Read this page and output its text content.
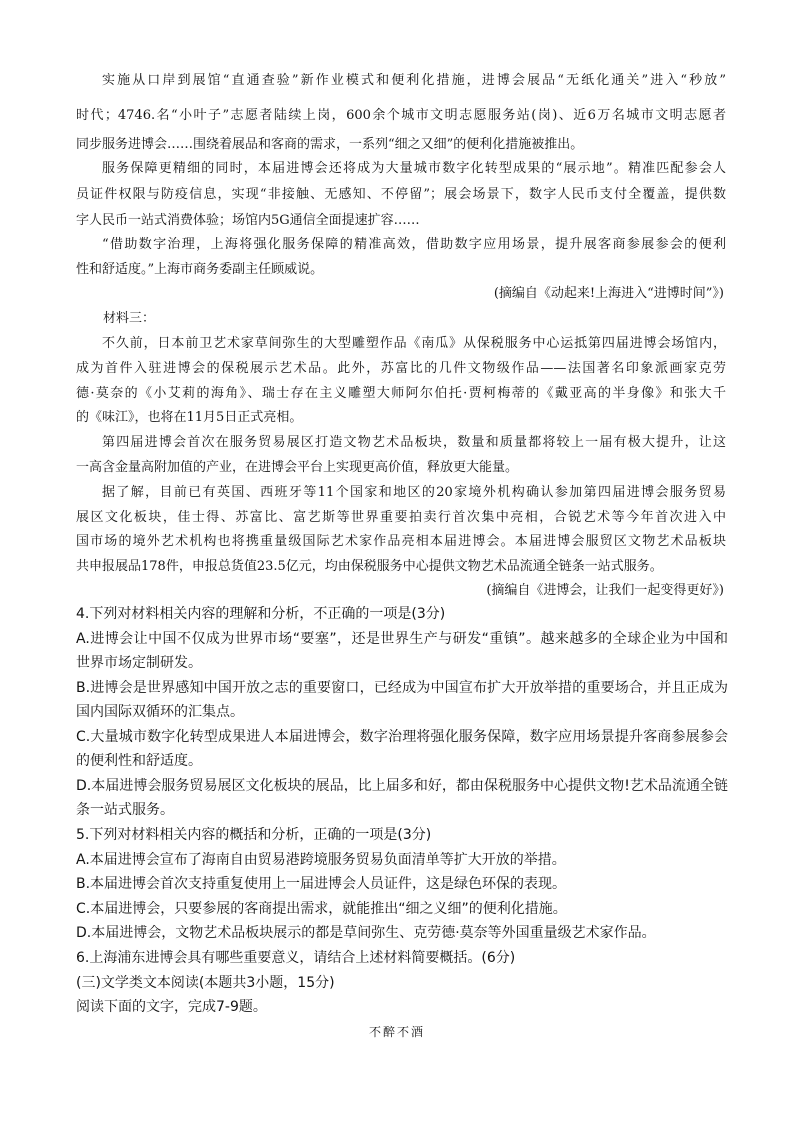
实施从口岸到展馆“直通查验”新作业模式和便利化措施，进博会展品“无纸化通关”进入“秒放”
时代；4746.名“小叶子”志愿者陆续上岗，600余个城市文明志愿服务站(岗)、近6万名城市文明志愿者
同步服务进博会……围绕着展品和客商的需求，一系列“细之又细”的便利化措施被推出。
服务保障更精细的同时，本届进博会还将成为大量城市数字化转型成果的“展示地”。精准匹配参会人
员证件权限与防疫信息，实现“非接触、无感知、不停留”；展会场景下，数字人民币支付全覆盖，提供数
字人民币一站式消费体验；场馆内5G通信全面提速扩容……
“借助数字治理，上海将强化服务保障的精准高效，借助数字应用场景，提升展客商参展参会的便利
性和舒适度。”上海市商务委副主任顾威说。
(摘编自《动起来!上海进入“进博时间”》)
材料三：
不久前，日本前卫艺术家草间弥生的大型雕塑作品《南瓜》从保税服务中心运抵第四届进博会场馆内，
成为首件入驻进博会的保税展示艺术品。此外，苏富比的几件文物级作品——法国著名印象派画家克劳
德·莫奈的《小艾莉的海角》、瑞士存在主义雕塑大师阿尔伯托·贾柯梅蒂的《戴亚高的半身像》和张大千
的《味江》，也将在11月5日正式亮相。
第四届进博会首次在服务贸易展区打造文物艺术品板块，数量和质量都将较上一届有极大提升，让这
一高含金量高附加值的产业，在进博会平台上实现更高价值，释放更大能量。
据了解，目前已有英国、西班牙等11个国家和地区的20家境外机构确认参加第四届进博会服务贸易
展区文化板块，佳士得、苏富比、富艺斯等世界重要拍卖行首次集中亮相，合锐艺术等今年首次进入中
国市场的境外艺术机构也将携重量级国际艺术家作品亮相本届进博会。本届进博会服贸区文物艺术品板块
共申报展品178件，申报总货值23.5亿元，均由保税服务中心提供文物艺术品流通全链条一站式服务。
(摘编自《进博会，让我们一起变得更好》)
4.下列对材料相关内容的理解和分析，不正确的一项是(3分)
A.进博会让中国不仅成为世界市场“要塞”，还是世界生产与研发“重镇”。越来越多的全球企业为中国和
世界市场定制研发。
B.进博会是世界感知中国开放之志的重要窗口，已经成为中国宣布扩大开放举措的重要场合，并且正成为
国内国际双循环的汇集点。
C.大量城市数字化转型成果进人本届进博会，数字治理将强化服务保障，数字应用场景提升客商参展参会
的便利性和舒适度。
D.本届进博会服务贸易展区文化板块的展品，比上届多和好，都由保税服务中心提供文物!艺术品流通全链
条一站式服务。
5.下列对材料相关内容的概括和分析，正确的一项是(3分)
A.本届进博会宣布了海南自由贸易港跨境服务贸易负面清单等扩大开放的举措。
B.本届进博会首次支持重复使用上一届进博会人员证件，这是绿色环保的表现。
C.本届进博会，只要参展的客商提出需求，就能推出“细之义细”的便利化措施。
D.本届进博会，文物艺术品板块展示的都是草间弥生、克劳德·莫奈等外国重量级艺术家作品。
6.上海浦东进博会具有哪些重要意义，请结合上述材料简要概括。(6分)
(三)文学类文本阅读(本题共3小题，15分)
阅读下面的文字，完成7-9题。
不醉不酒
